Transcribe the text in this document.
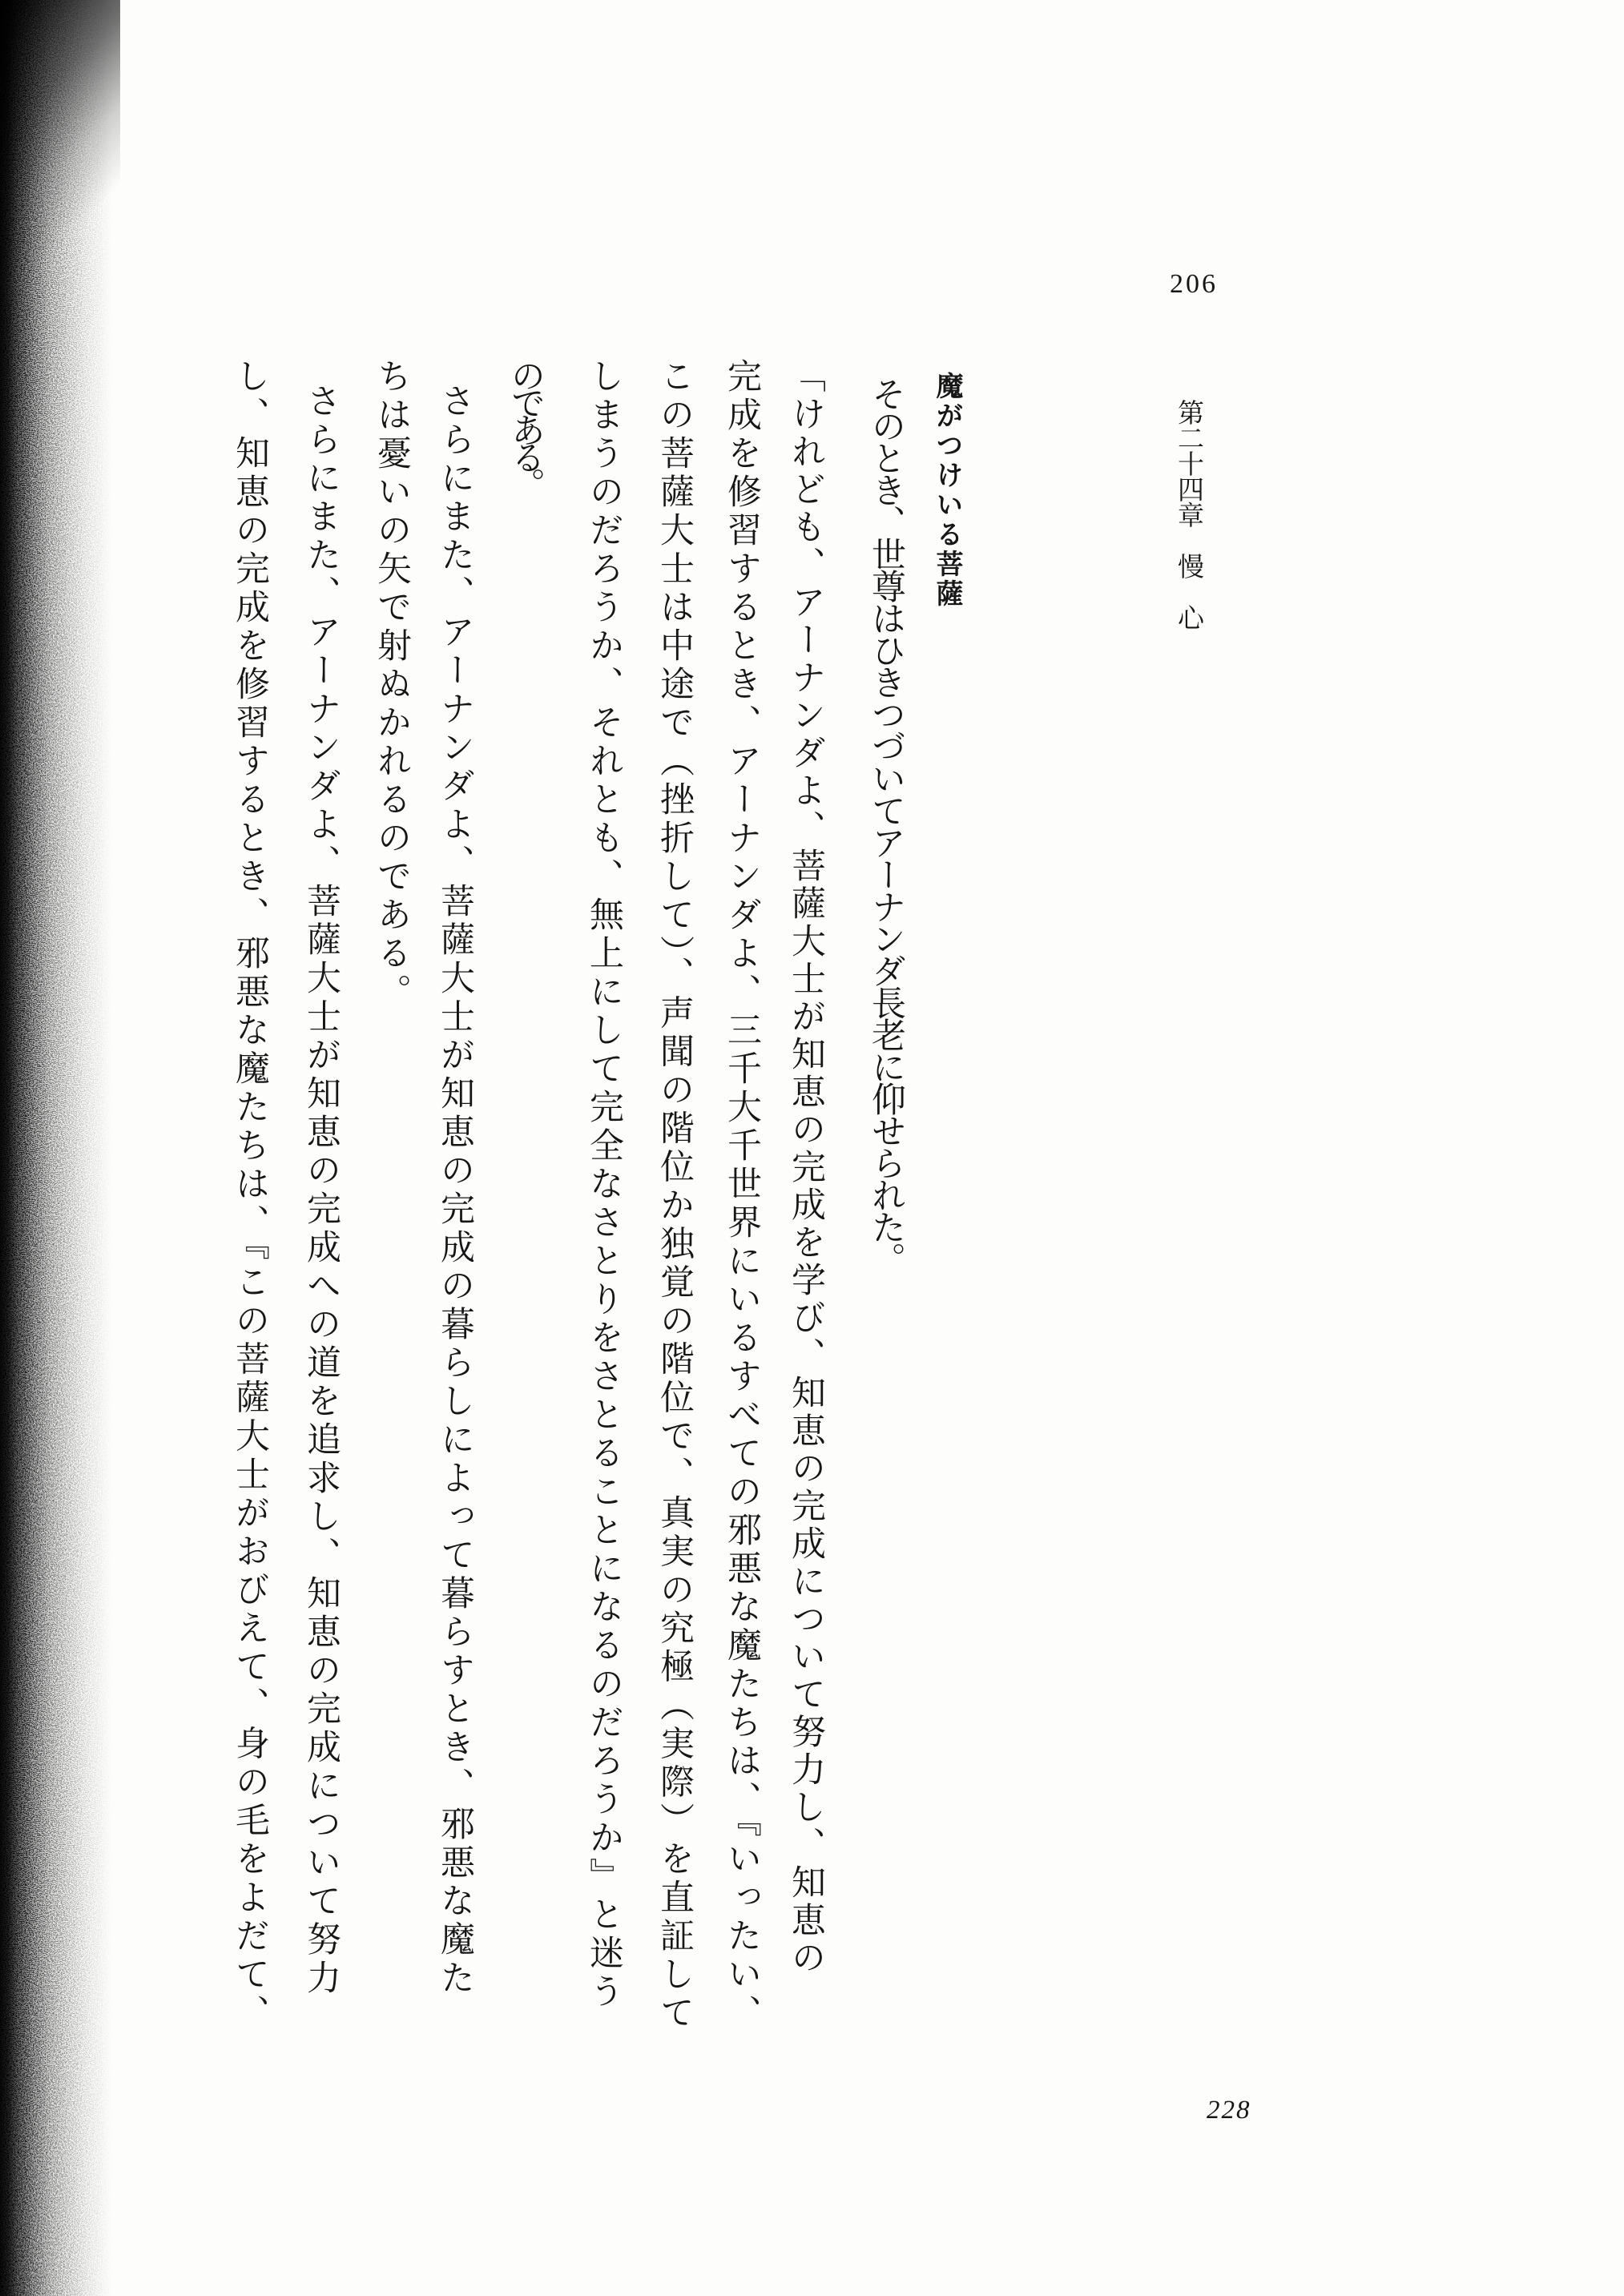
206
第二十四章　慢　心
魔がつけいる菩薩
　そのとき、世尊はひきつづいてアーナンダ長老に仰せられた。
「けれども、アーナンダよ、菩薩大士が知恵の完成を学び、知恵の完成について努力し、知恵の
完成を修習するとき、アーナンダよ、三千大千世界にいるすべての邪悪な魔たちは、『いったい、
この菩薩大士は中途で（挫折して）、声聞の階位か独覚の階位で、真実の究極（実際）を直証して
しまうのだろうか、それとも、無上にして完全なさとりをさとることになるのだろうか』と迷う
のである。
　さらにまた、アーナンダよ、菩薩大士が知恵の完成の暮らしによって暮らすとき、邪悪な魔た
ちは憂いの矢で射ぬかれるのである。
　さらにまた、アーナンダよ、菩薩大士が知恵の完成への道を追求し、知恵の完成について努力
し、知恵の完成を修習するとき、邪悪な魔たちは、『この菩薩大士がおびえて、身の毛をよだて、
228
